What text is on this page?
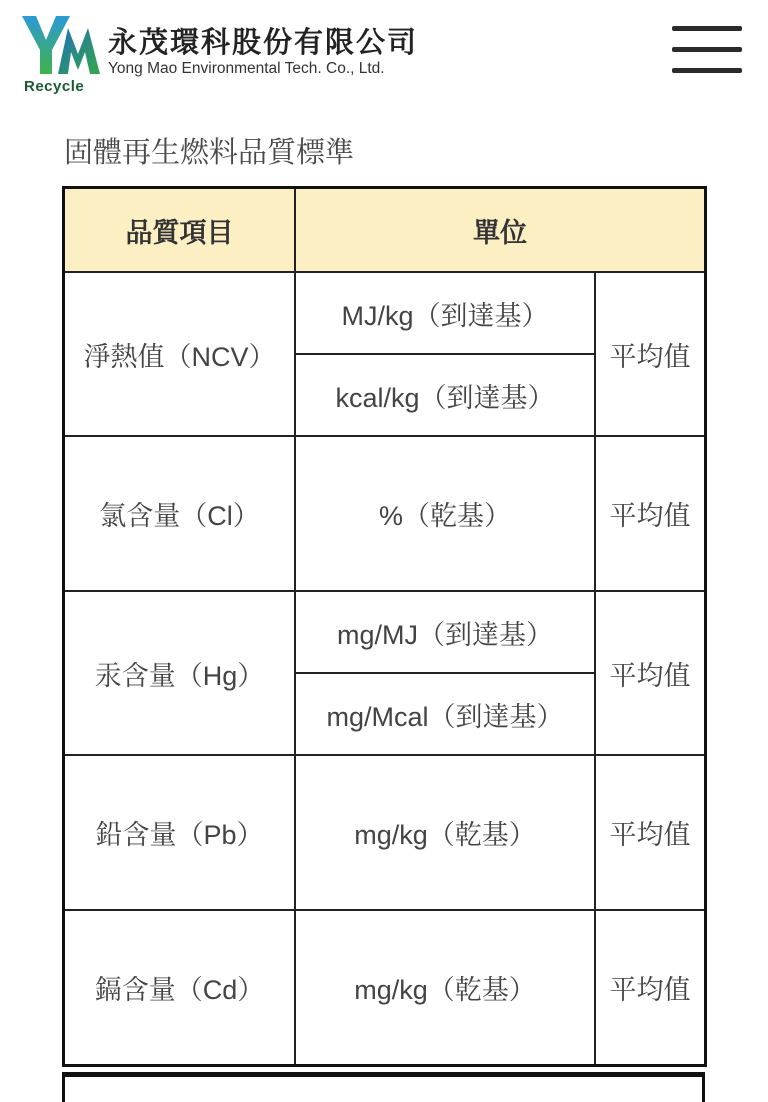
永茂環科股份有限公司
Yong Mao Environmental Tech. Co., Ltd.
Recycle
固體再生燃料品質標準
品質項目	單位	
淨熱值（NCV）	MJ/kg（到達基）	平均值
	kcal/kg（到達基）	
氯含量（Cl）	%（乾基）	平均值
汞含量（Hg）	mg/MJ（到達基）	平均值
	mg/Mcal（到達基）	
鉛含量（Pb）	mg/kg（乾基）	平均值
鎘含量（Cd）	mg/kg（乾基）	平均值
